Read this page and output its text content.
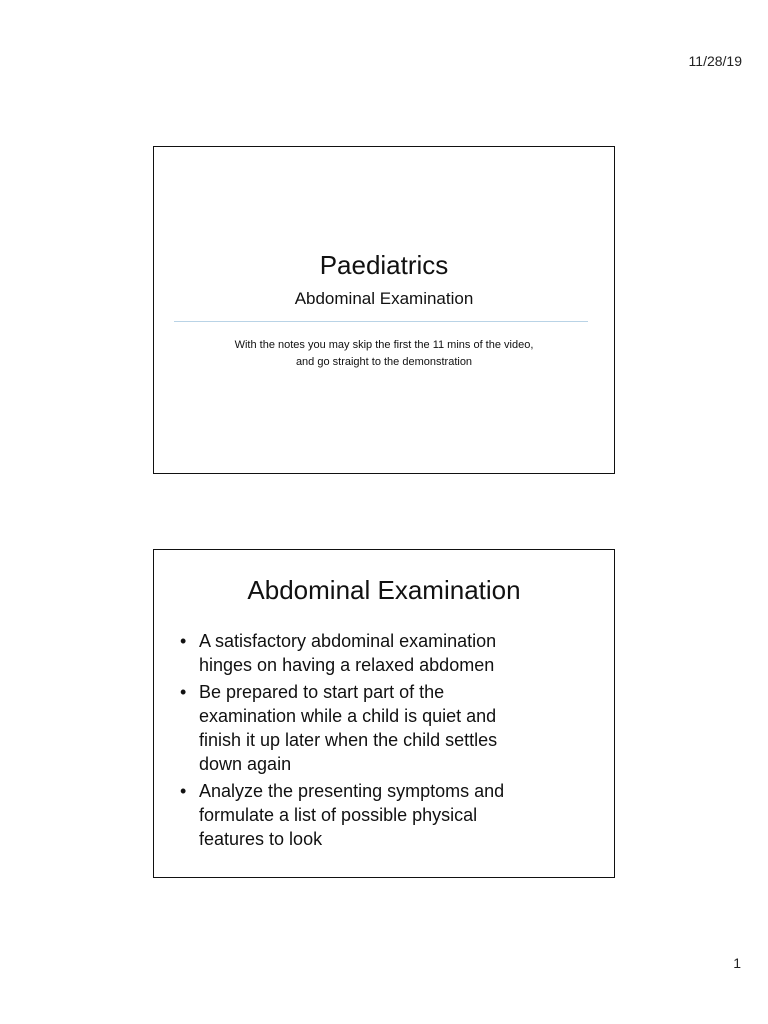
11/28/19
Paediatrics
Abdominal Examination
With the notes you may skip the first the 11 mins of the video,
and go straight to the demonstration
Abdominal Examination
• A satisfactory abdominal examination
hinges on having a relaxed abdomen
• Be prepared to start part of the
examination while a child is quiet and
finish it up later when the child settles
down again
• Analyze the presenting symptoms and
formulate a list of possible physical
features to look
1
